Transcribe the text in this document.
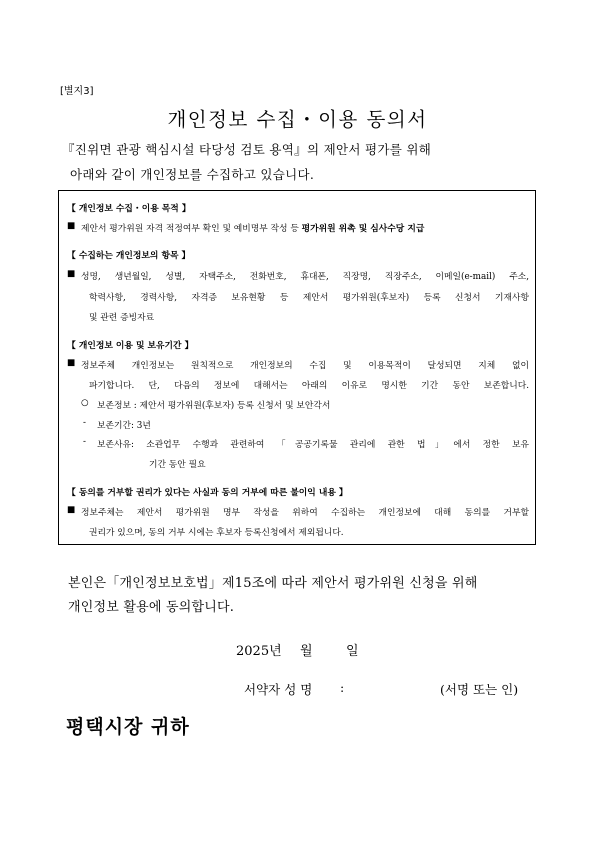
[별지3]
개인정보 수집・이용 동의서
『진위면 관광 핵심시설 타당성 검토 용역』의 제안서 평가를 위해
아래와 같이 개인정보를 수집하고 있습니다.
【 개인정보 수집・이용 목적 】
■ 제안서 평가위원 자격 적정여부 확인 및 예비명부 작성 등 평가위원 위촉 및 심사수당 지급
【 수집하는 개인정보의 항목 】
■ 성명, 생년월일, 성별, 자택주소, 전화번호, 휴대폰, 직장명, 직장주소, 이메일(e-mail) 주소,
학력사항, 경력사항, 자격증 보유현황 등 제안서 평가위원(후보자) 등록 신청서 기재사항
및 관련 증빙자료
【 개인정보 이용 및 보유기간 】
■ 정보주체 개인정보는 원칙적으로 개인정보의 수집 및 이용목적이 달성되면 지체 없이
파기합니다. 단, 다음의 정보에 대해서는 아래의 이유로 명시한 기간 동안 보존합니다.
○ 보존정보 : 제안서 평가위원(후보자) 등록 신청서 및 보안각서
- 보존기간: 3년
- 보존사유: 소관업무 수행과 관련하여 「공공기록물 관리에 관한 법」에서 정한 보유
기간 동안 필요
【 동의를 거부할 권리가 있다는 사실과 동의 거부에 따른 불이익 내용 】
■ 정보주체는 제안서 평가위원 명부 작성을 위하여 수집하는 개인정보에 대해 동의를 거부할
권리가 있으며, 동의 거부 시에는 후보자 등록신청에서 제외됩니다.
본인은「개인정보보호법」제15조에 따라 제안서 평가위원 신청을 위해
개인정보 활용에 동의합니다.
2025년 월	일
서약자 성 명 :	(서명 또는 인)
평택시장 귀하
